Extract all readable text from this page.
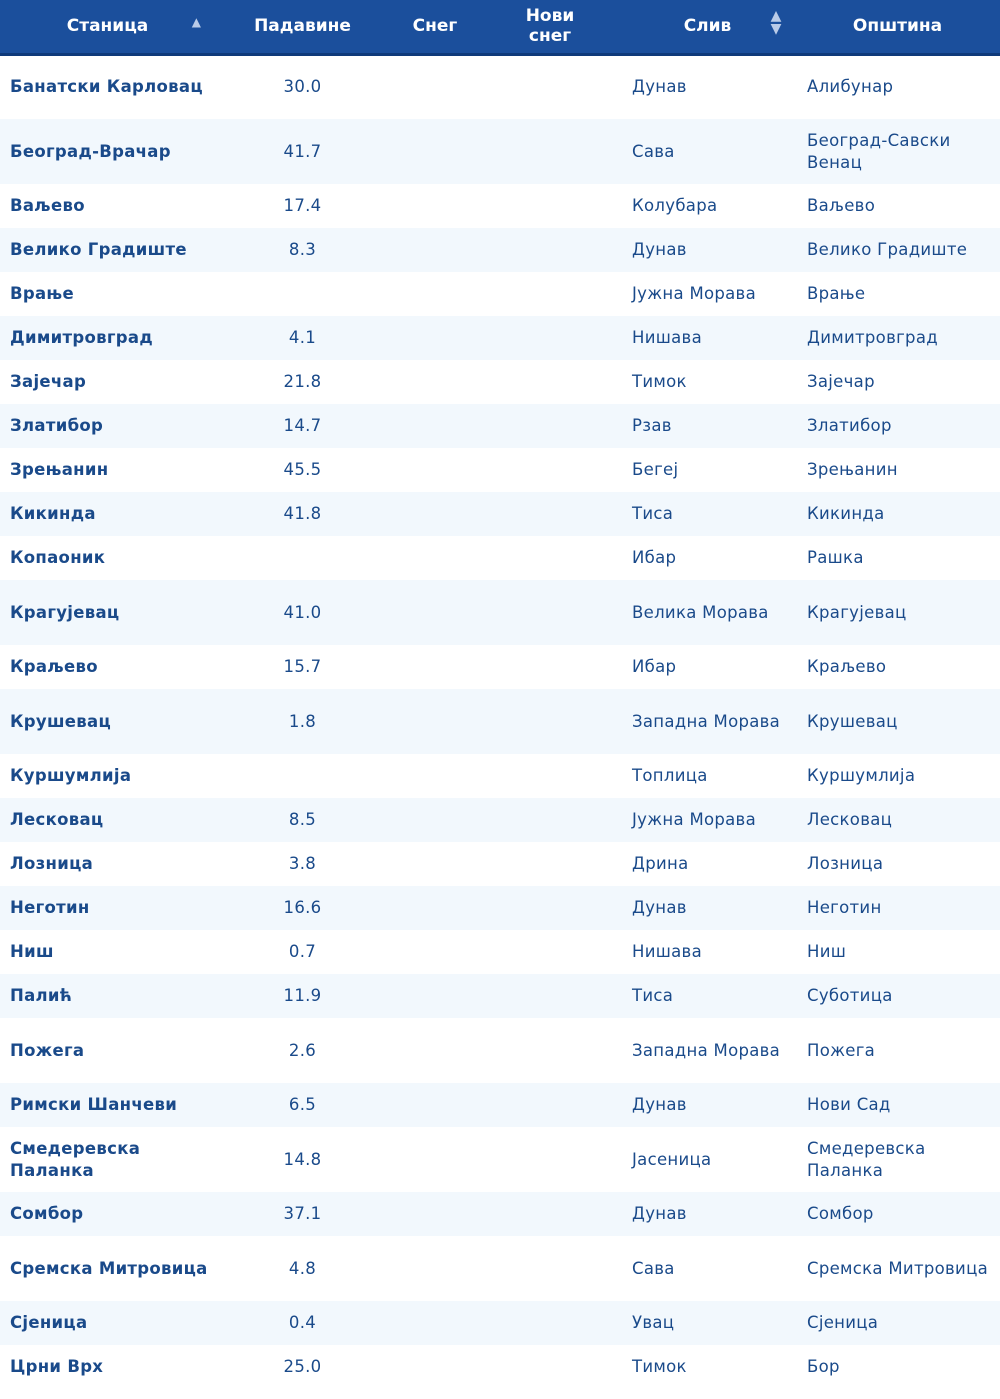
Станица ▲	Падавине	Снег	Нови снег	Слив ▲▼	Општина
Банатски Карловац	30.0			Дунав	Алибунар
Београд-Врачар	41.7			Сава	Београд-Савски Венац
Ваљево	17.4			Колубара	Ваљево
Велико Градиште	8.3			Дунав	Велико Градиште
Врање				Јужна Морава	Врање
Димитровград	4.1			Нишава	Димитровград
Зајечар	21.8			Тимок	Зајечар
Златибор	14.7			Рзав	Златибор
Зрењанин	45.5			Бегеј	Зрењанин
Кикинда	41.8			Тиса	Кикинда
Копаоник				Ибар	Рашка
Крагујевац	41.0			Велика Морава	Крагујевац
Краљево	15.7			Ибар	Краљево
Крушевац	1.8			Западна Морава	Крушевац
Куршумлија				Топлица	Куршумлија
Лесковац	8.5			Јужна Морава	Лесковац
Лозница	3.8			Дрина	Лозница
Неготин	16.6			Дунав	Неготин
Ниш	0.7			Нишава	Ниш
Палић	11.9			Тиса	Суботица
Пожега	2.6			Западна Морава	Пожега
Римски Шанчеви	6.5			Дунав	Нови Сад
Смедеревска Паланка	14.8			Јасеница	Смедеревска Паланка
Сомбор	37.1			Дунав	Сомбор
Сремска Митровица	4.8			Сава	Сремска Митровица
Сјеница	0.4			Увац	Сјеница
Црни Врх	25.0			Тимок	Бор
